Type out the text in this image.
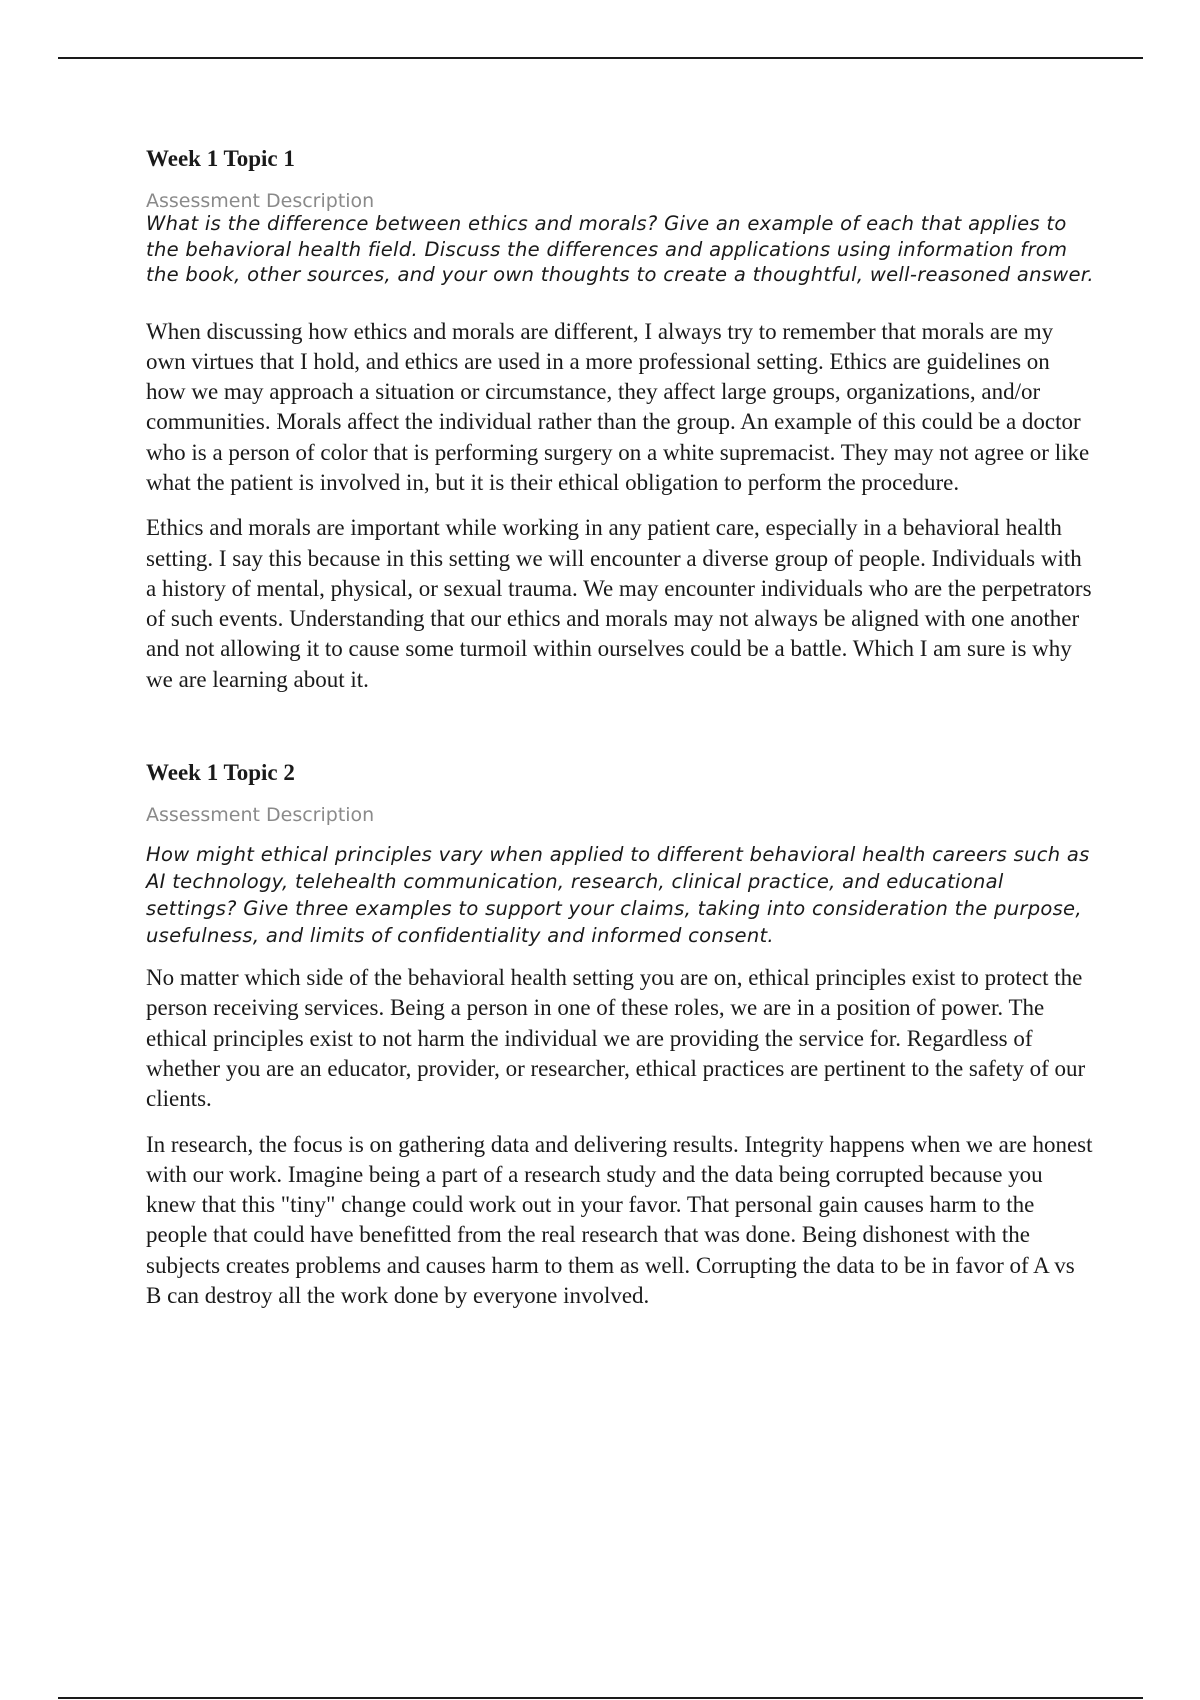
Week 1 Topic 1

Assessment Description

What is the difference between ethics and morals? Give an example of each that applies to the behavioral health field. Discuss the differences and applications using information from the book, other sources, and your own thoughts to create a thoughtful, well-reasoned answer.

When discussing how ethics and morals are different, I always try to remember that morals are my own virtues that I hold, and ethics are used in a more professional setting. Ethics are guidelines on how we may approach a situation or circumstance, they affect large groups, organizations, and/or communities. Morals affect the individual rather than the group. An example of this could be a doctor who is a person of color that is performing surgery on a white supremacist. They may not agree or like what the patient is involved in, but it is their ethical obligation to perform the procedure.

Ethics and morals are important while working in any patient care, especially in a behavioral health setting. I say this because in this setting we will encounter a diverse group of people. Individuals with a history of mental, physical, or sexual trauma. We may encounter individuals who are the perpetrators of such events. Understanding that our ethics and morals may not always be aligned with one another and not allowing it to cause some turmoil within ourselves could be a battle. Which I am sure is why we are learning about it.

Week 1 Topic 2

Assessment Description

How might ethical principles vary when applied to different behavioral health careers such as AI technology, telehealth communication, research, clinical practice, and educational settings? Give three examples to support your claims, taking into consideration the purpose, usefulness, and limits of confidentiality and informed consent.

No matter which side of the behavioral health setting you are on, ethical principles exist to protect the person receiving services. Being a person in one of these roles, we are in a position of power. The ethical principles exist to not harm the individual we are providing the service for. Regardless of whether you are an educator, provider, or researcher, ethical practices are pertinent to the safety of our clients.

In research, the focus is on gathering data and delivering results. Integrity happens when we are honest with our work. Imagine being a part of a research study and the data being corrupted because you knew that this "tiny" change could work out in your favor. That personal gain causes harm to the people that could have benefitted from the real research that was done. Being dishonest with the subjects creates problems and causes harm to them as well. Corrupting the data to be in favor of A vs B can destroy all the work done by everyone involved.
